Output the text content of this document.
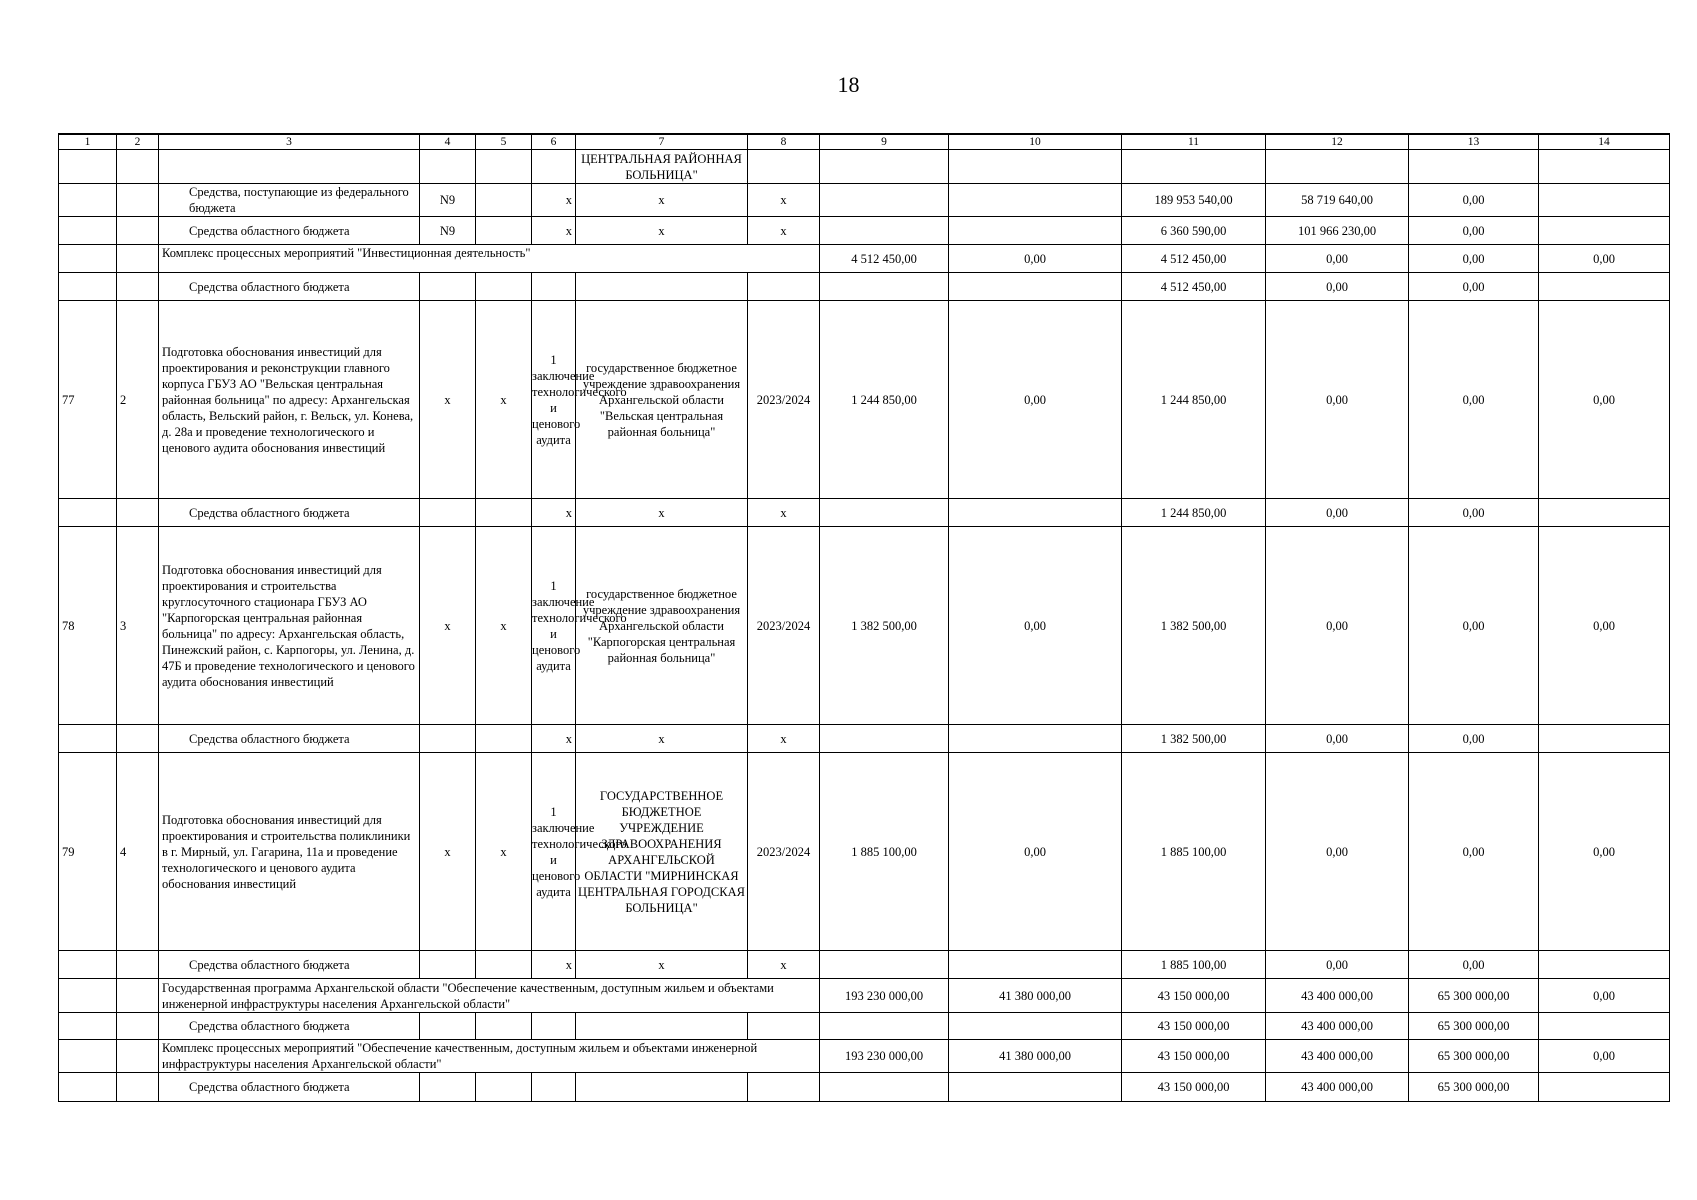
18
1	2	3	4	5	6	7	8	9	10	11	12	13	14
						ЦЕНТРАЛЬНАЯ РАЙОННАЯ БОЛЬНИЦА"							
		Средства, поступающие из федерального бюджета	N9		x	x	x			189 953 540,00	58 719 640,00	0,00	
		Средства областного бюджета	N9		x	x	x			6 360 590,00	101 966 230,00	0,00	
		Комплекс процессных мероприятий "Инвестиционная деятельность"						4 512 450,00	0,00	4 512 450,00	0,00	0,00	0,00
		Средства областного бюджета								4 512 450,00	0,00	0,00	
77	2	Подготовка обоснования инвестиций для проектирования и реконструкции главного корпуса ГБУЗ АО "Вельская центральная районная больница" по адресу: Архангельская область, Вельский район, г. Вельск, ул. Конева, д. 28а и проведение технологического и ценового аудита обоснования инвестиций	x	x	1 заключение технологического и ценового аудита	государственное бюджетное учреждение здравоохранения Архангельской области "Вельская центральная районная больница"	2023/2024	1 244 850,00	0,00	1 244 850,00	0,00	0,00	0,00
		Средства областного бюджета			x	x	x			1 244 850,00	0,00	0,00	
78	3	Подготовка обоснования инвестиций для проектирования и строительства круглосуточного стационара ГБУЗ АО "Карпогорская центральная районная больница" по адресу: Архангельская область, Пинежский район, с. Карпогоры, ул. Ленина, д. 47Б и проведение технологического и ценового аудита обоснования инвестиций	x	x	1 заключение технологического и ценового аудита	государственное бюджетное учреждение здравоохранения Архангельской области "Карпогорская центральная районная больница"	2023/2024	1 382 500,00	0,00	1 382 500,00	0,00	0,00	0,00
		Средства областного бюджета			x	x	x			1 382 500,00	0,00	0,00	
79	4	Подготовка обоснования инвестиций для проектирования и строительства поликлиники в г. Мирный, ул. Гагарина, 11а и проведение технологического и ценового аудита обоснования инвестиций	x	x	1 заключение технологического и ценового аудита	ГОСУДАРСТВЕННОЕ БЮДЖЕТНОЕ УЧРЕЖДЕНИЕ ЗДРАВООХРАНЕНИЯ АРХАНГЕЛЬСКОЙ ОБЛАСТИ "МИРНИНСКАЯ ЦЕНТРАЛЬНАЯ ГОРОДСКАЯ БОЛЬНИЦА"	2023/2024	1 885 100,00	0,00	1 885 100,00	0,00	0,00	0,00
		Средства областного бюджета			x	x	x			1 885 100,00	0,00	0,00	
		Государственная программа Архангельской области "Обеспечение качественным, доступным жильем и объектами инженерной инфраструктуры населения Архангельской области"						193 230 000,00	41 380 000,00	43 150 000,00	43 400 000,00	65 300 000,00	0,00
		Средства областного бюджета								43 150 000,00	43 400 000,00	65 300 000,00	
		Комплекс процессных мероприятий "Обеспечение качественным, доступным жильем и объектами инженерной инфраструктуры населения Архангельской области"						193 230 000,00	41 380 000,00	43 150 000,00	43 400 000,00	65 300 000,00	0,00
		Средства областного бюджета								43 150 000,00	43 400 000,00	65 300 000,00	
